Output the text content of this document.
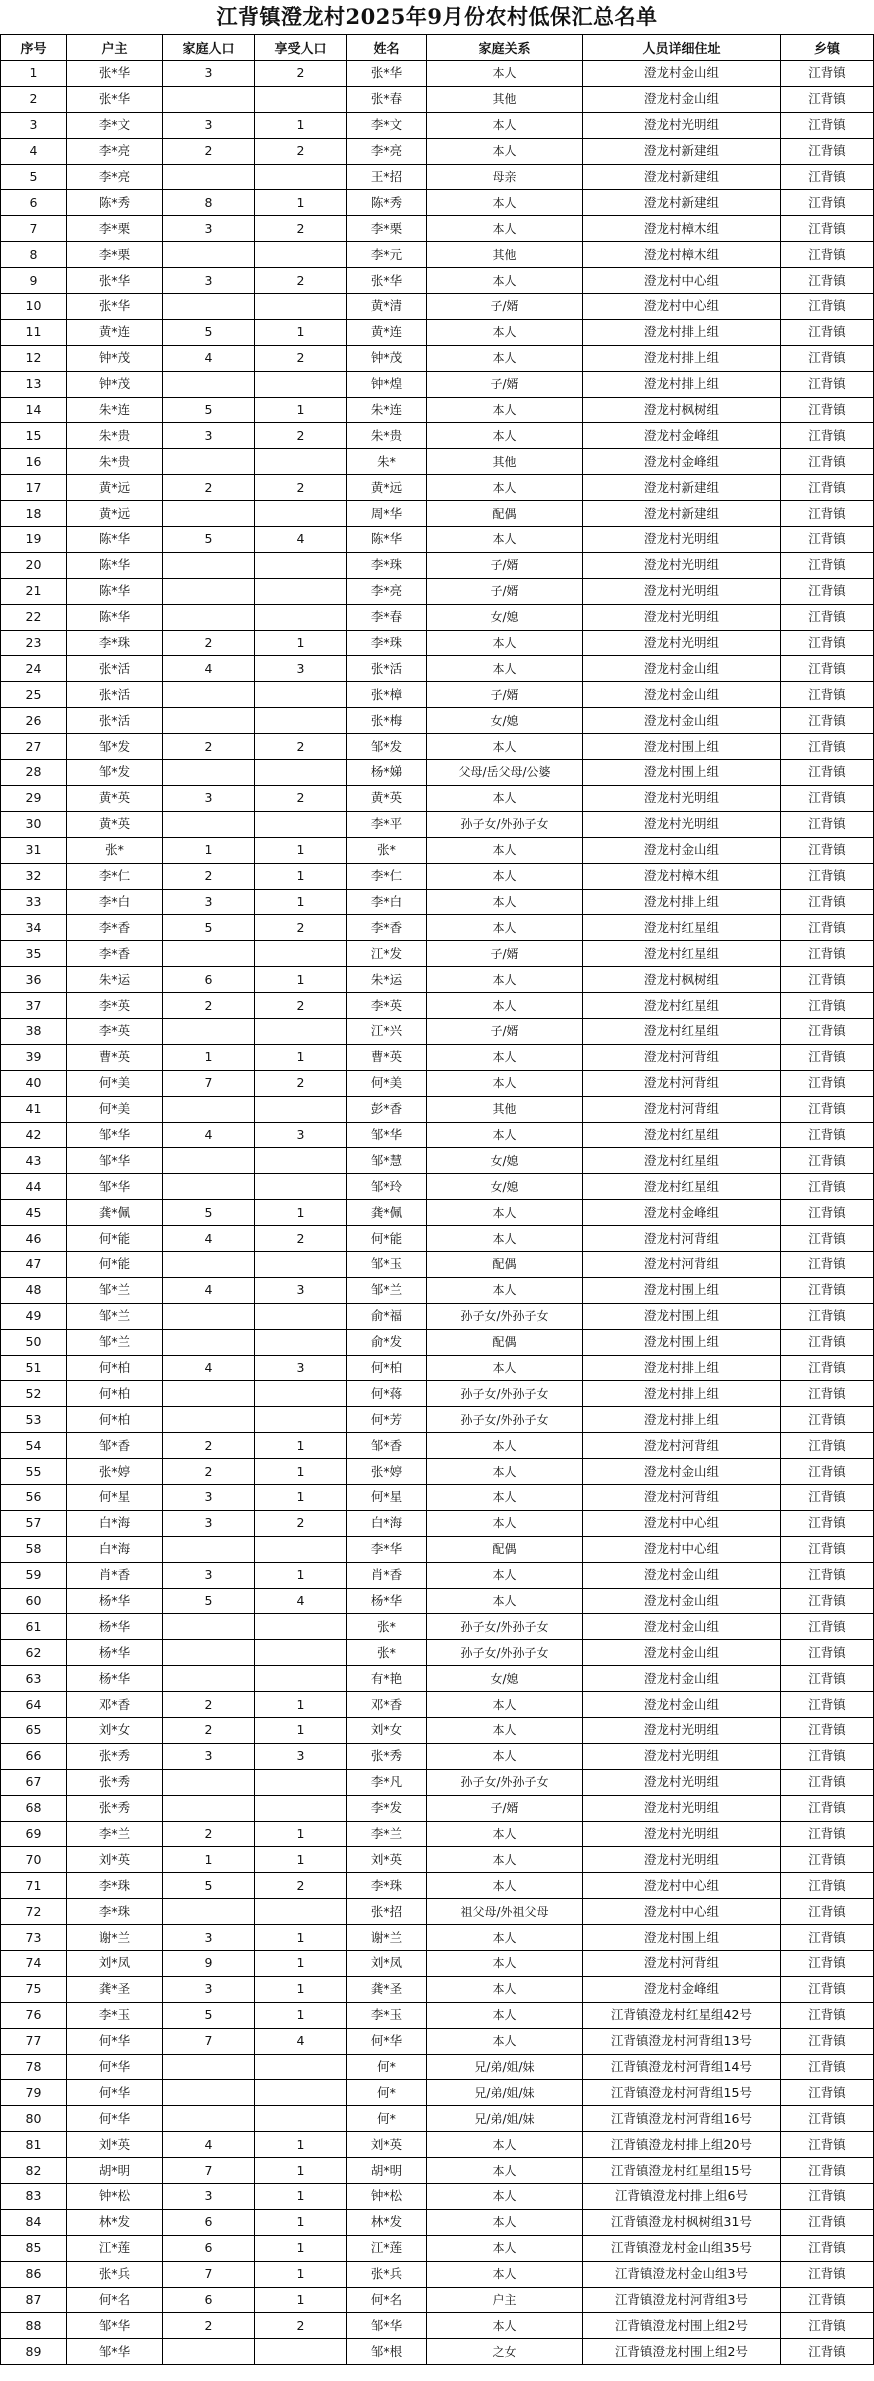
江背镇澄龙村2025年9月份农村低保汇总名单
序号	户主	家庭人口	享受人口	姓名	家庭关系	人员详细住址	乡镇
1	张*华	3	2	张*华	本人	澄龙村金山组	江背镇
2	张*华			张*春	其他	澄龙村金山组	江背镇
3	李*文	3	1	李*文	本人	澄龙村光明组	江背镇
4	李*亮	2	2	李*亮	本人	澄龙村新建组	江背镇
5	李*亮			王*招	母亲	澄龙村新建组	江背镇
6	陈*秀	8	1	陈*秀	本人	澄龙村新建组	江背镇
7	李*栗	3	2	李*栗	本人	澄龙村樟木组	江背镇
8	李*栗			李*元	其他	澄龙村樟木组	江背镇
9	张*华	3	2	张*华	本人	澄龙村中心组	江背镇
10	张*华			黄*清	子/婿	澄龙村中心组	江背镇
11	黄*连	5	1	黄*连	本人	澄龙村排上组	江背镇
12	钟*茂	4	2	钟*茂	本人	澄龙村排上组	江背镇
13	钟*茂			钟*煌	子/婿	澄龙村排上组	江背镇
14	朱*连	5	1	朱*连	本人	澄龙村枫树组	江背镇
15	朱*贵	3	2	朱*贵	本人	澄龙村金峰组	江背镇
16	朱*贵			朱*	其他	澄龙村金峰组	江背镇
17	黄*远	2	2	黄*远	本人	澄龙村新建组	江背镇
18	黄*远			周*华	配偶	澄龙村新建组	江背镇
19	陈*华	5	4	陈*华	本人	澄龙村光明组	江背镇
20	陈*华			李*珠	子/婿	澄龙村光明组	江背镇
21	陈*华			李*亮	子/婿	澄龙村光明组	江背镇
22	陈*华			李*春	女/媳	澄龙村光明组	江背镇
23	李*珠	2	1	李*珠	本人	澄龙村光明组	江背镇
24	张*活	4	3	张*活	本人	澄龙村金山组	江背镇
25	张*活			张*樟	子/婿	澄龙村金山组	江背镇
26	张*活			张*梅	女/媳	澄龙村金山组	江背镇
27	邹*发	2	2	邹*发	本人	澄龙村围上组	江背镇
28	邹*发			杨*娣	父母/岳父母/公婆	澄龙村围上组	江背镇
29	黄*英	3	2	黄*英	本人	澄龙村光明组	江背镇
30	黄*英			李*平	孙子女/外孙子女	澄龙村光明组	江背镇
31	张*	1	1	张*	本人	澄龙村金山组	江背镇
32	李*仁	2	1	李*仁	本人	澄龙村樟木组	江背镇
33	李*白	3	1	李*白	本人	澄龙村排上组	江背镇
34	李*香	5	2	李*香	本人	澄龙村红星组	江背镇
35	李*香			江*发	子/婿	澄龙村红星组	江背镇
36	朱*运	6	1	朱*运	本人	澄龙村枫树组	江背镇
37	李*英	2	2	李*英	本人	澄龙村红星组	江背镇
38	李*英			江*兴	子/婿	澄龙村红星组	江背镇
39	曹*英	1	1	曹*英	本人	澄龙村河背组	江背镇
40	何*美	7	2	何*美	本人	澄龙村河背组	江背镇
41	何*美			彭*香	其他	澄龙村河背组	江背镇
42	邹*华	4	3	邹*华	本人	澄龙村红星组	江背镇
43	邹*华			邹*慧	女/媳	澄龙村红星组	江背镇
44	邹*华			邹*玲	女/媳	澄龙村红星组	江背镇
45	龚*佩	5	1	龚*佩	本人	澄龙村金峰组	江背镇
46	何*能	4	2	何*能	本人	澄龙村河背组	江背镇
47	何*能			邹*玉	配偶	澄龙村河背组	江背镇
48	邹*兰	4	3	邹*兰	本人	澄龙村围上组	江背镇
49	邹*兰			俞*福	孙子女/外孙子女	澄龙村围上组	江背镇
50	邹*兰			俞*发	配偶	澄龙村围上组	江背镇
51	何*柏	4	3	何*柏	本人	澄龙村排上组	江背镇
52	何*柏			何*蒋	孙子女/外孙子女	澄龙村排上组	江背镇
53	何*柏			何*芳	孙子女/外孙子女	澄龙村排上组	江背镇
54	邹*香	2	1	邹*香	本人	澄龙村河背组	江背镇
55	张*婷	2	1	张*婷	本人	澄龙村金山组	江背镇
56	何*星	3	1	何*星	本人	澄龙村河背组	江背镇
57	白*海	3	2	白*海	本人	澄龙村中心组	江背镇
58	白*海			李*华	配偶	澄龙村中心组	江背镇
59	肖*香	3	1	肖*香	本人	澄龙村金山组	江背镇
60	杨*华	5	4	杨*华	本人	澄龙村金山组	江背镇
61	杨*华			张*	孙子女/外孙子女	澄龙村金山组	江背镇
62	杨*华			张*	孙子女/外孙子女	澄龙村金山组	江背镇
63	杨*华			有*艳	女/媳	澄龙村金山组	江背镇
64	邓*香	2	1	邓*香	本人	澄龙村金山组	江背镇
65	刘*女	2	1	刘*女	本人	澄龙村光明组	江背镇
66	张*秀	3	3	张*秀	本人	澄龙村光明组	江背镇
67	张*秀			李*凡	孙子女/外孙子女	澄龙村光明组	江背镇
68	张*秀			李*发	子/婿	澄龙村光明组	江背镇
69	李*兰	2	1	李*兰	本人	澄龙村光明组	江背镇
70	刘*英	1	1	刘*英	本人	澄龙村光明组	江背镇
71	李*珠	5	2	李*珠	本人	澄龙村中心组	江背镇
72	李*珠			张*招	祖父母/外祖父母	澄龙村中心组	江背镇
73	谢*兰	3	1	谢*兰	本人	澄龙村围上组	江背镇
74	刘*凤	9	1	刘*凤	本人	澄龙村河背组	江背镇
75	龚*圣	3	1	龚*圣	本人	澄龙村金峰组	江背镇
76	李*玉	5	1	李*玉	本人	江背镇澄龙村红星组42号	江背镇
77	何*华	7	4	何*华	本人	江背镇澄龙村河背组13号	江背镇
78	何*华			何*	兄/弟/姐/妹	江背镇澄龙村河背组14号	江背镇
79	何*华			何*	兄/弟/姐/妹	江背镇澄龙村河背组15号	江背镇
80	何*华			何*	兄/弟/姐/妹	江背镇澄龙村河背组16号	江背镇
81	刘*英	4	1	刘*英	本人	江背镇澄龙村排上组20号	江背镇
82	胡*明	7	1	胡*明	本人	江背镇澄龙村红星组15号	江背镇
83	钟*松	3	1	钟*松	本人	江背镇澄龙村排上组6号	江背镇
84	林*发	6	1	林*发	本人	江背镇澄龙村枫树组31号	江背镇
85	江*莲	6	1	江*莲	本人	江背镇澄龙村金山组35号	江背镇
86	张*兵	7	1	张*兵	本人	江背镇澄龙村金山组3号	江背镇
87	何*名	6	1	何*名	户主	江背镇澄龙村河背组3号	江背镇
88	邹*华	2	2	邹*华	本人	江背镇澄龙村围上组2号	江背镇
89	邹*华			邹*根	之女	江背镇澄龙村围上组2号	江背镇
